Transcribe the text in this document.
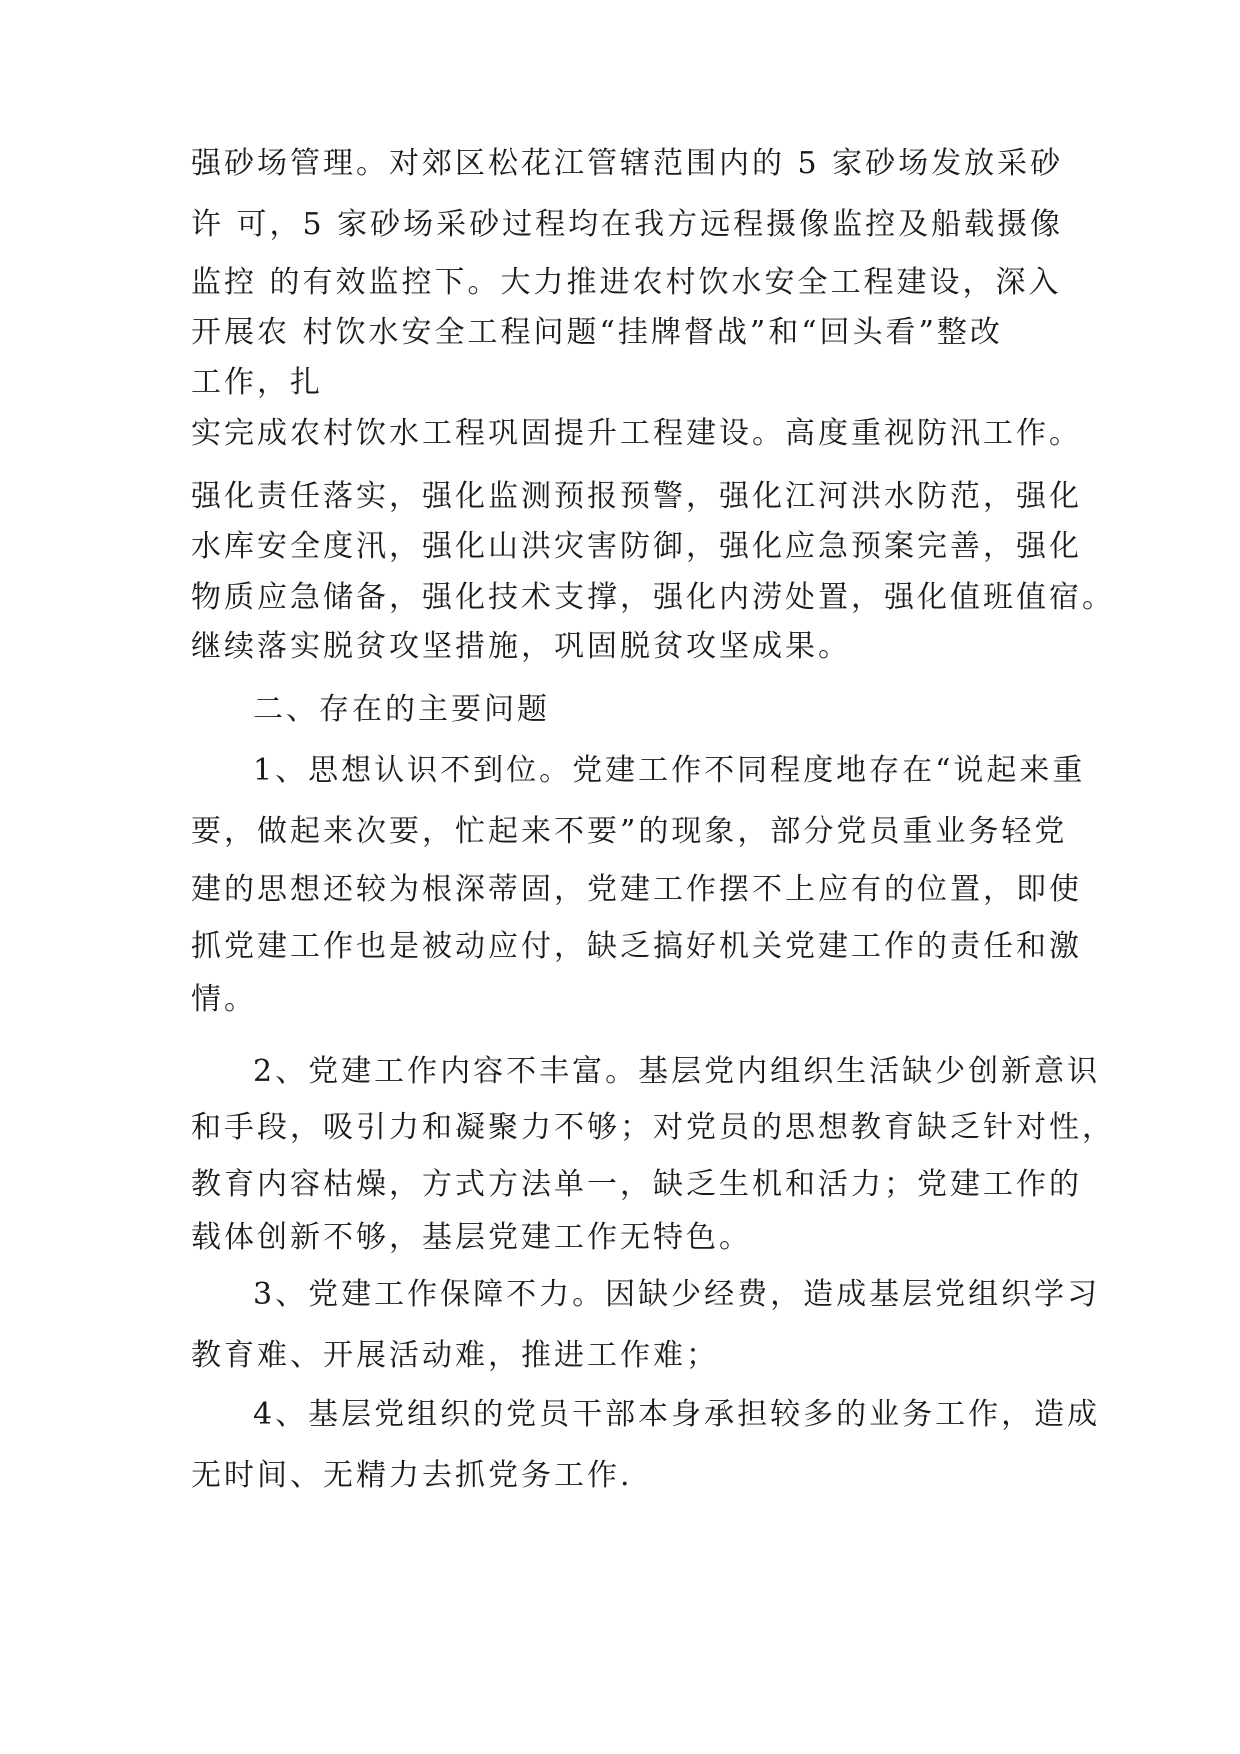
强砂场管理。对郊区松花江管辖范围内的 5 家砂场发放采砂
许 可，5 家砂场采砂过程均在我方远程摄像监控及船载摄像
监控 的有效监控下。大力推进农村饮水安全工程建设，深入
开展农 村饮水安全工程问题“挂牌督战”和“回头看”整改
工作，扎
实完成农村饮水工程巩固提升工程建设。高度重视防汛工作。
强化责任落实，强化监测预报预警，强化江河洪水防范，强化
水库安全度汛，强化山洪灾害防御，强化应急预案完善，强化
物质应急储备，强化技术支撑，强化内涝处置，强化值班值宿。
继续落实脱贫攻坚措施，巩固脱贫攻坚成果。
二、存在的主要问题
1、思想认识不到位。党建工作不同程度地存在“说起来重
要，做起来次要，忙起来不要”的现象，部分党员重业务轻党
建的思想还较为根深蒂固，党建工作摆不上应有的位置，即使
抓党建工作也是被动应付，缺乏搞好机关党建工作的责任和激
情。
2、党建工作内容不丰富。基层党内组织生活缺少创新意识
和手段，吸引力和凝聚力不够；对党员的思想教育缺乏针对性，
教育内容枯燥，方式方法单一，缺乏生机和活力；党建工作的
载体创新不够，基层党建工作无特色。
3、党建工作保障不力。因缺少经费，造成基层党组织学习
教育难、开展活动难，推进工作难；
4、基层党组织的党员干部本身承担较多的业务工作，造成
无时间、无精力去抓党务工作.
